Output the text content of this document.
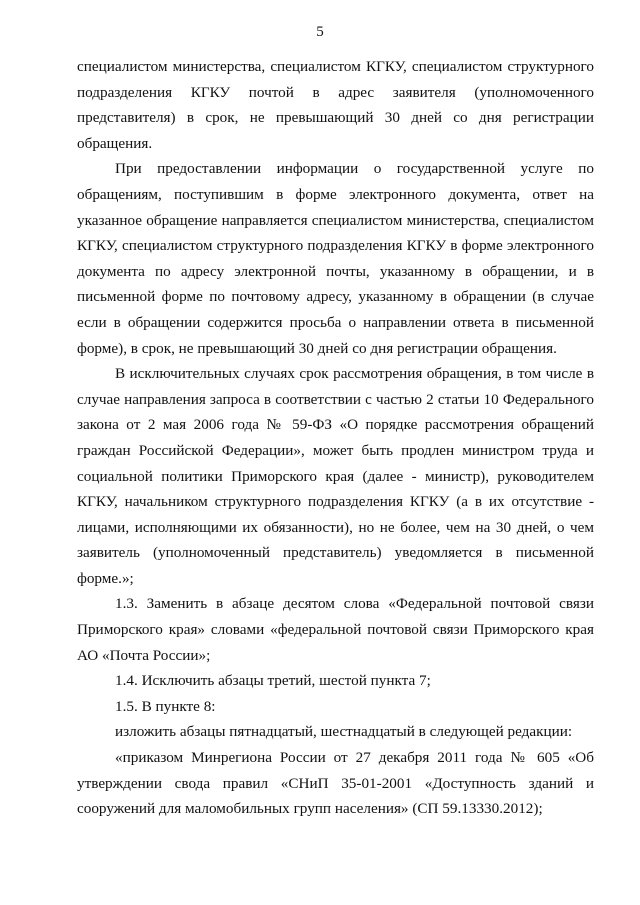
5

специалистом министерства, специалистом КГКУ, специалистом структурного подразделения КГКУ почтой в адрес заявителя (уполномоченного представителя) в срок, не превышающий 30 дней со дня регистрации обращения.

При предоставлении информации о государственной услуге по обращениям, поступившим в форме электронного документа, ответ на указанное обращение направляется специалистом министерства, специалистом КГКУ, специалистом структурного подразделения КГКУ в форме электронного документа по адресу электронной почты, указанному в обращении, и в письменной форме по почтовому адресу, указанному в обращении (в случае если в обращении содержится просьба о направлении ответа в письменной форме), в срок, не превышающий 30 дней со дня регистрации обращения.

В исключительных случаях срок рассмотрения обращения, в том числе в случае направления запроса в соответствии с частью 2 статьи 10 Федерального закона от 2 мая 2006 года № 59-ФЗ «О порядке рассмотрения обращений граждан Российской Федерации», может быть продлен министром труда и социальной политики Приморского края (далее - министр), руководителем КГКУ, начальником структурного подразделения КГКУ (а в их отсутствие - лицами, исполняющими их обязанности), но не более, чем на 30 дней, о чем заявитель (уполномоченный представитель) уведомляется в письменной форме.»;

1.3. Заменить в абзаце десятом слова «Федеральной почтовой связи Приморского края» словами «федеральной почтовой связи Приморского края АО «Почта России»;

1.4. Исключить абзацы третий, шестой пункта 7;

1.5. В пункте 8:

изложить абзацы пятнадцатый, шестнадцатый в следующей редакции:

«приказом Минрегиона России от 27 декабря 2011 года № 605 «Об утверждении свода правил «СНиП 35-01-2001 «Доступность зданий и сооружений для маломобильных групп населения» (СП 59.13330.2012);
